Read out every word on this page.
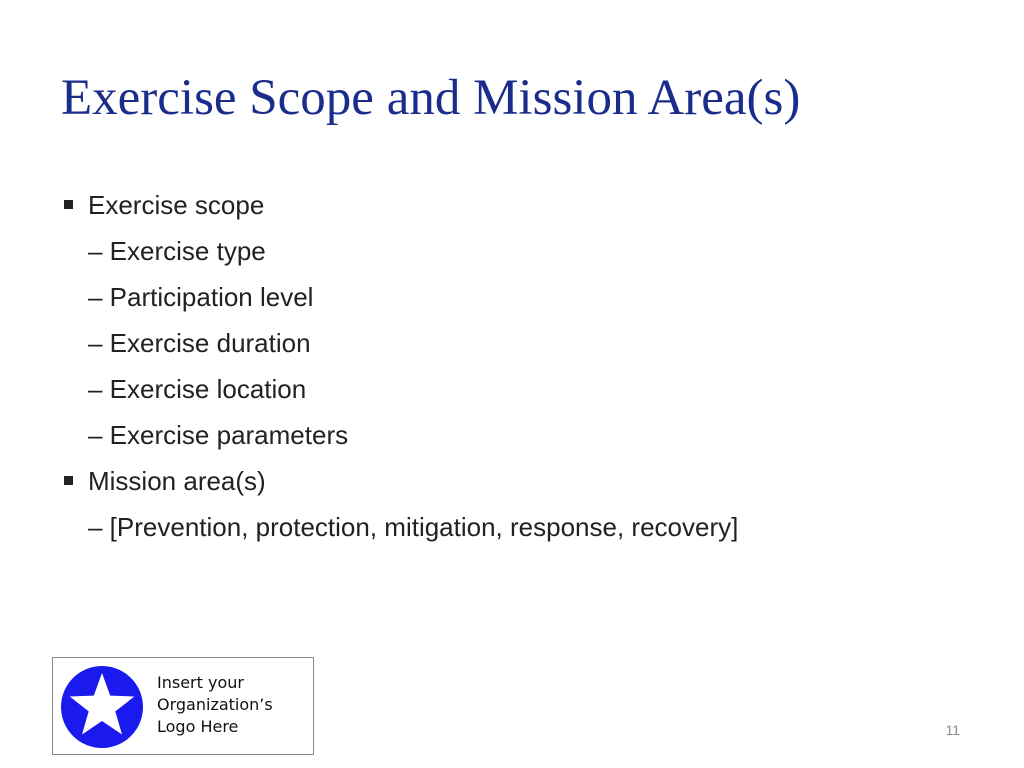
Exercise Scope and Mission Area(s)
Exercise scope
– Exercise type
– Participation level
– Exercise duration
– Exercise location
– Exercise parameters
Mission area(s)
– [Prevention, protection, mitigation, response, recovery]
Insert your
Organization’s
Logo Here	11
